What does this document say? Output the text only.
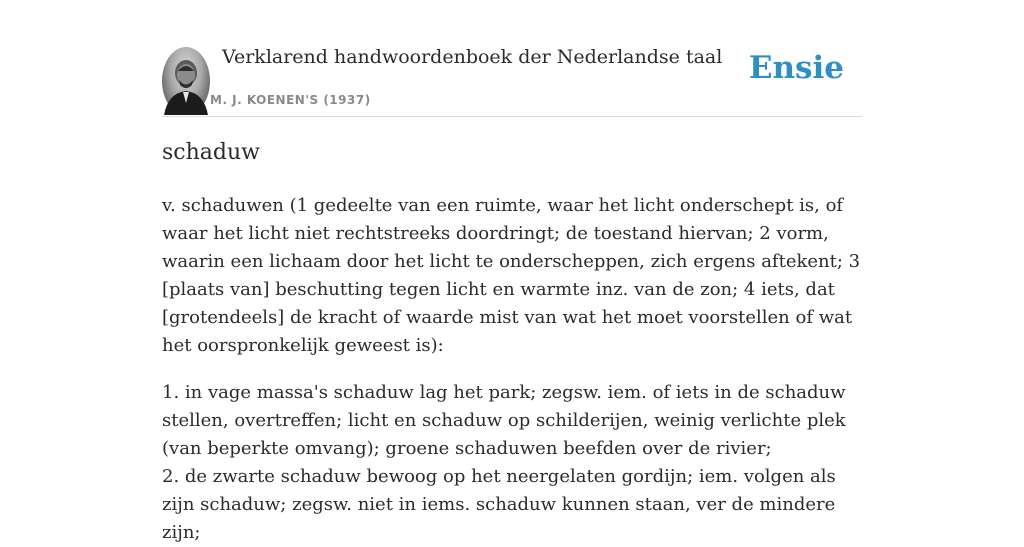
Verklarend handwoordenboek der Nederlandse taal
M. J. KOENEN'S (1937)
Ensie
schaduw

v. schaduwen (1 gedeelte van een ruimte, waar het licht onderschept is, of waar het licht niet rechtstreeks doordringt; de toestand hiervan; 2 vorm, waarin een lichaam door het licht te onderscheppen, zich ergens aftekent; 3 [plaats van] beschutting tegen licht en warmte inz. van de zon; 4 iets, dat [grotendeels] de kracht of waarde mist van wat het moet voorstellen of wat het oorspronkelijk geweest is):

1. in vage massa's schaduw lag het park; zegsw. iem. of iets in de schaduw stellen, overtreffen; licht en schaduw op schilderijen, weinig verlichte plek (van beperkte omvang); groene schaduwen beefden over de rivier;

2. de zwarte schaduw bewoog op het neergelaten gordijn; iem. volgen als zijn schaduw; zegsw. niet in iems. schaduw kunnen staan, ver de mindere zijn;
